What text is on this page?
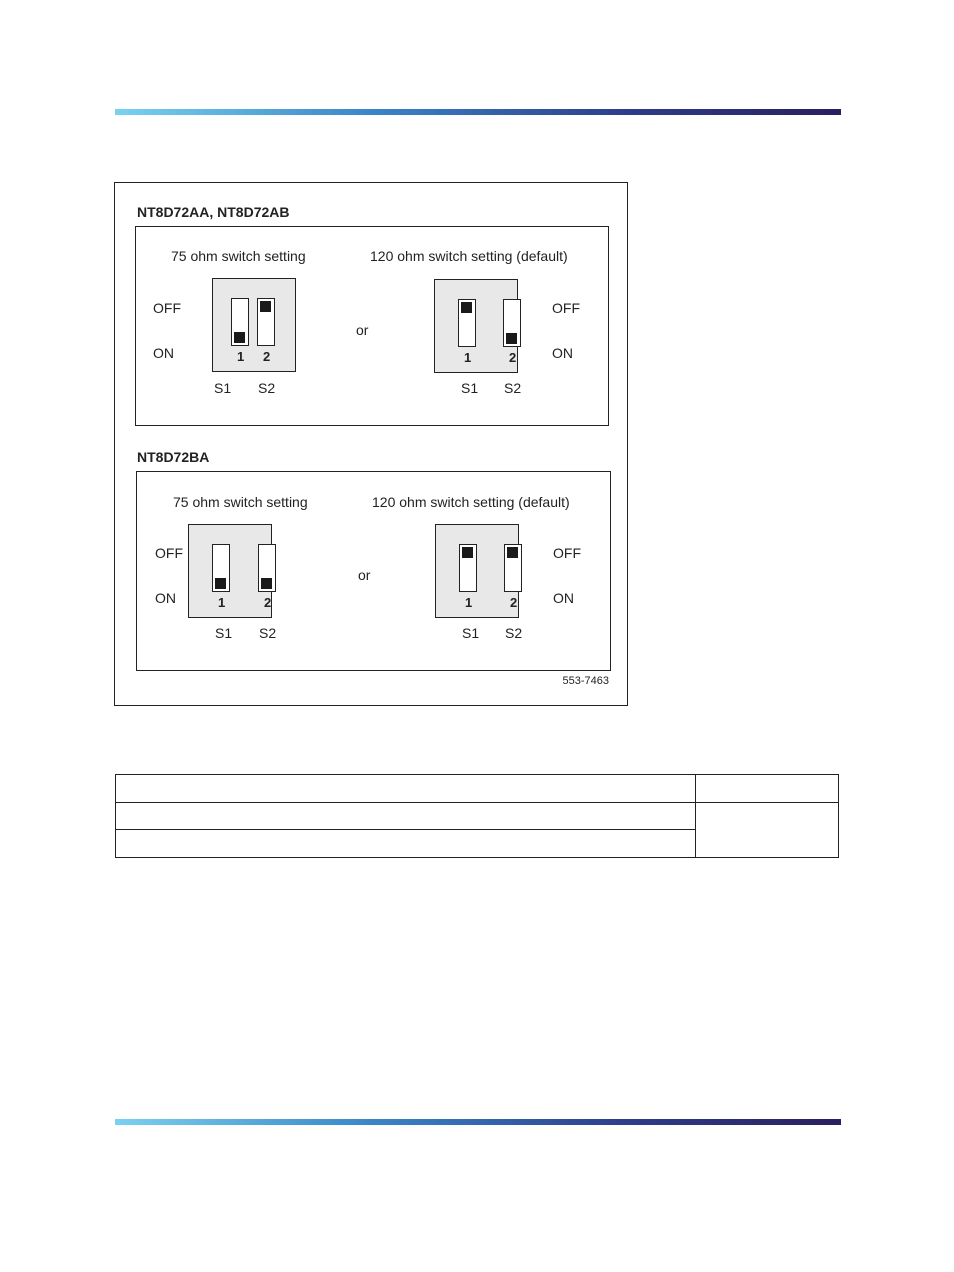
NT8D72AA, NT8D72AB
75 ohm switch setting	120 ohm switch setting (default)
OFF
ON	1 2
S1 S2
or
1	2
OFF
ON
S1 S2
NT8D72BA
75 ohm switch setting	120 ohm switch setting (default)
OFF
ON	1	2
S1 S2
or
1	2
OFF
ON
S1 S2
553-7463
